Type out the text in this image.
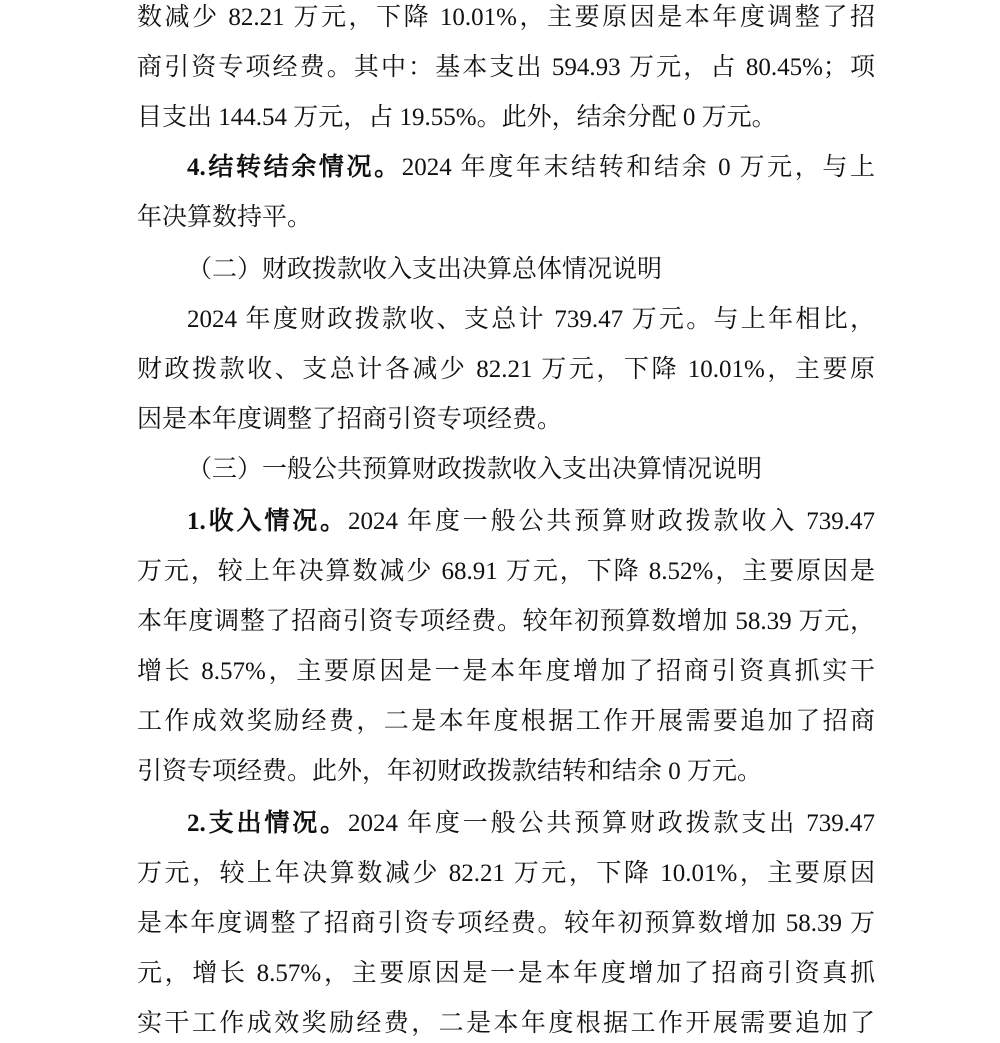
数减少 82.21 万元，下降 10.01%，主要原因是本年度调整了招
商引资专项经费。其中：基本支出 594.93 万元，占 80.45%；项
目支出 144.54 万元，占 19.55%。此外，结余分配 0 万元。
4.结转结余情况。2024 年度年末结转和结余 0 万元，与上
年决算数持平。
（二）财政拨款收入支出决算总体情况说明
2024 年度财政拨款收、支总计 739.47 万元。与上年相比，
财政拨款收、支总计各减少 82.21 万元，下降 10.01%，主要原
因是本年度调整了招商引资专项经费。
（三）一般公共预算财政拨款收入支出决算情况说明
1.收入情况。2024 年度一般公共预算财政拨款收入 739.47
万元，较上年决算数减少 68.91 万元，下降 8.52%，主要原因是
本年度调整了招商引资专项经费。较年初预算数增加 58.39 万元，
增长 8.57%，主要原因是一是本年度增加了招商引资真抓实干
工作成效奖励经费，二是本年度根据工作开展需要追加了招商
引资专项经费。此外，年初财政拨款结转和结余 0 万元。
2.支出情况。2024 年度一般公共预算财政拨款支出 739.47
万元，较上年决算数减少 82.21 万元，下降 10.01%，主要原因
是本年度调整了招商引资专项经费。较年初预算数增加 58.39 万
元，增长 8.57%，主要原因是一是本年度增加了招商引资真抓
实干工作成效奖励经费，二是本年度根据工作开展需要追加了
